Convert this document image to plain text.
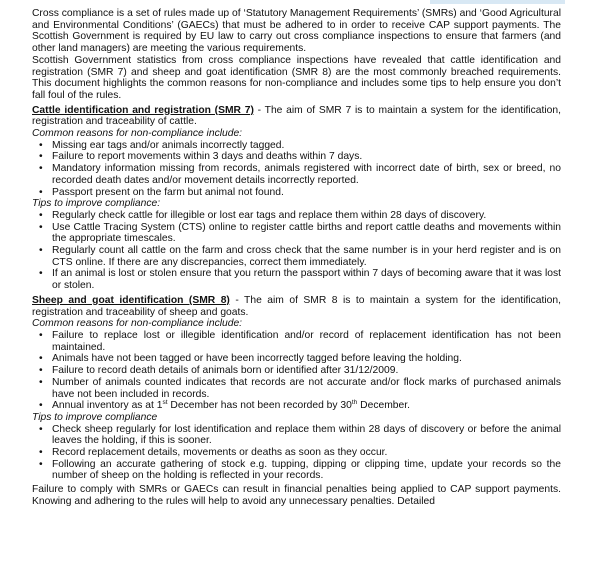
Cross compliance is a set of rules made up of ‘Statutory Management Requirements’ (SMRs) and ‘Good Agricultural and Environmental Conditions’ (GAECs) that must be adhered to in order to receive CAP support payments. The Scottish Government is required by EU law to carry out cross compliance inspections to ensure that farmers (and other land managers) are meeting the various requirements.

Scottish Government statistics from cross compliance inspections have revealed that cattle identification and registration (SMR 7) and sheep and goat identification (SMR 8) are the most commonly breached requirements. This document highlights the common reasons for non-compliance and includes some tips to help ensure you don’t fall foul of the rules.

Cattle identification and registration (SMR 7) - The aim of SMR 7 is to maintain a system for the identification, registration and traceability of cattle.

Common reasons for non-compliance include:

• Missing ear tags and/or animals incorrectly tagged.
• Failure to report movements within 3 days and deaths within 7 days.
• Mandatory information missing from records, animals registered with incorrect date of birth, sex or breed, no recorded death dates and/or movement details incorrectly reported.
• Passport present on the farm but animal not found.

Tips to improve compliance:

• Regularly check cattle for illegible or lost ear tags and replace them within 28 days of discovery.
• Use Cattle Tracing System (CTS) online to register cattle births and report cattle deaths and movements within the appropriate timescales.
• Regularly count all cattle on the farm and cross check that the same number is in your herd register and is on CTS online. If there are any discrepancies, correct them immediately.
• If an animal is lost or stolen ensure that you return the passport within 7 days of becoming aware that it was lost or stolen.

Sheep and goat identification (SMR 8) - The aim of SMR 8 is to maintain a system for the identification, registration and traceability of sheep and goats.

Common reasons for non-compliance include:

• Failure to replace lost or illegible identification and/or record of replacement identification has not been maintained.
• Animals have not been tagged or have been incorrectly tagged before leaving the holding.
• Failure to record death details of animals born or identified after 31/12/2009.
• Number of animals counted indicates that records are not accurate and/or flock marks of purchased animals have not been included in records.
• Annual inventory as at 1st December has not been recorded by 30th December.

Tips to improve compliance

• Check sheep regularly for lost identification and replace them within 28 days of discovery or before the animal leaves the holding, if this is sooner.
• Record replacement details, movements or deaths as soon as they occur.
• Following an accurate gathering of stock e.g. tupping, dipping or clipping time, update your records so the number of sheep on the holding is reflected in your records.

Failure to comply with SMRs or GAECs can result in financial penalties being applied to CAP support payments. Knowing and adhering to the rules will help to avoid any unnecessary penalties. Detailed
